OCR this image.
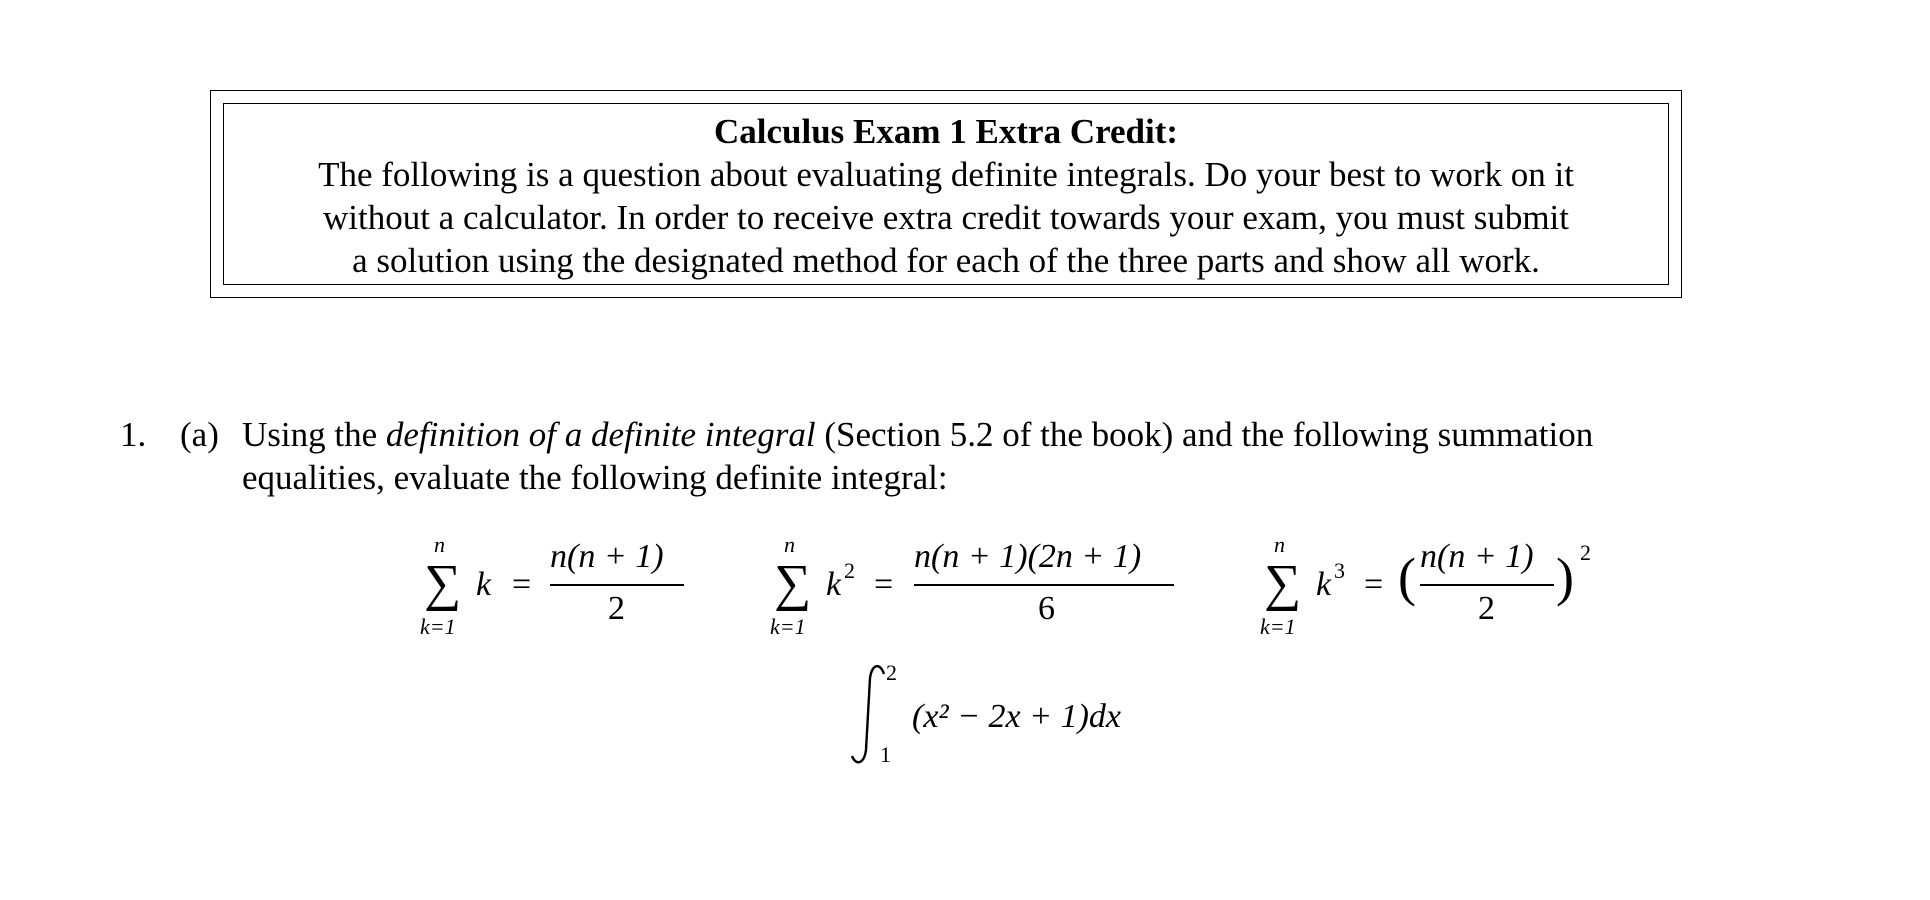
Calculus Exam 1 Extra Credit:
The following is a question about evaluating definite integrals. Do your best to work on it
without a calculator. In order to receive extra credit towards your exam, you must submit
a solution using the designated method for each of the three parts and show all work.
1. (a) Using the definition of a definite integral (Section 5.2 of the book) and the following summation
equalities, evaluate the following definite integral:
n
∑
k=1
k =
n(n + 1)
2
n
∑
k=1
k 2 =
n(n + 1)(2n + 1)
6
n
∑
k=1
k 3 = ( n(n + 1)
2
) 2
2
1
(x² − 2x + 1)dx
